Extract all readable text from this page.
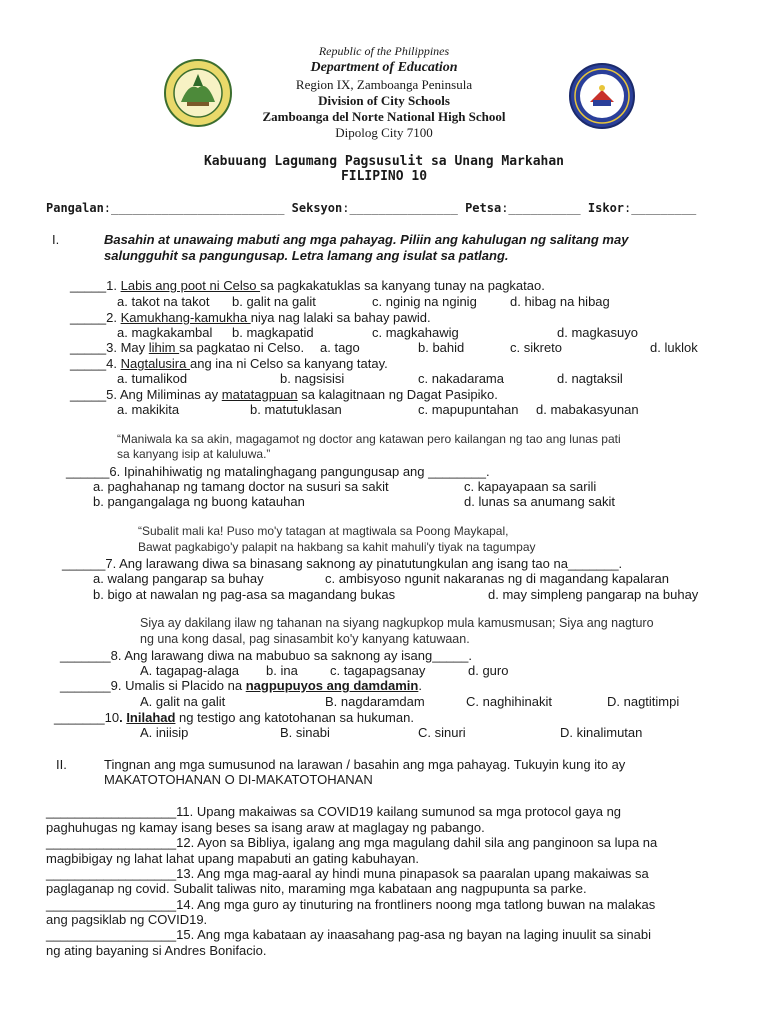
Republic of the Philippines
Department of Education
Region IX, Zamboanga Peninsula
Division of City Schools
Zamboanga del Norte National High School
Dipolog City 7100
Kabuuang Lagumang Pagsusulit sa Unang Markahan
FILIPINO 10
Pangalan:________________________ Seksyon:_______________ Petsa:__________ Iskor:_________
I.	Basahin at unawaing mabuti ang mga pahayag. Piliin ang kahulugan ng salitang may
salungguhit sa pangungusap. Letra lamang ang isulat sa patlang.
_____1. Labis ang poot ni Celso sa pagkakatuklas sa kanyang tunay na pagkatao.
a. takot na takot b. galit na galit	c. nginig na nginig	d. hibag na hibag
_____2. Kamukhang-kamukha niya nag lalaki sa bahay pawid.
a. magkakambal b. magkapatid	c. magkahawig	d. magkasuyo
_____3. May lihim sa pagkatao ni Celso. a. tago	b. bahid	c. sikreto	d. luklok
_____4. Nagtalusira ang ina ni Celso sa kanyang tatay.
a. tumalikod	b. nagsisisi	c. nakadarama	d. nagtaksil
_____5. Ang Miliminas ay matatagpuan sa kalagitnaan ng Dagat Pasipiko.
a. makikita	b. matutuklasan	c. mapupuntahan d. mabakasyunan
“Maniwala ka sa akin, magagamot ng doctor ang katawan pero kailangan ng tao ang lunas pati
sa kanyang isip at kaluluwa.”
______6. Ipinahihiwatig ng matalinghagang pangungusap ang ________.
a. paghahanap ng tamang doctor na susuri sa sakit	c. kapayapaan sa sarili
b. pangangalaga ng buong katauhan	d. lunas sa anumang sakit
“Subalit mali ka! Puso mo'y tatagan at magtiwala sa Poong Maykapal,
Bawat pagkabigo'y palapit na hakbang sa kahit mahuli'y tiyak na tagumpay
______7. Ang larawang diwa sa binasang saknong ay pinatutungkulan ang isang tao na_______.
a. walang pangarap sa buhay	c. ambisyoso ngunit nakaranas ng di magandang kapalaran
b. bigo at nawalan ng pag-asa sa magandang bukas	d. may simpleng pangarap na buhay
Siya ay dakilang ilaw ng tahanan na siyang nagkupkop mula kamusmusan; Siya ang nagturo
ng una kong dasal, pag sinasambit ko'y kanyang katuwaan.
_______8. Ang larawang diwa na mabubuo sa saknong ay isang_____.
A. tagapag-alaga b. ina c. tagapagsanay	d. guro
_______9. Umalis si Placido na nagpupuyos ang damdamin.
A. galit na galit	B. nagdaramdam	C. naghihinakit	D. nagtitimpi
_______10. Inilahad ng testigo ang katotohanan sa hukuman.
A. iniisip	B. sinabi	C. sinuri	D. kinalimutan
II.	Tingnan ang mga sumusunod na larawan / basahin ang mga pahayag. Tukuyin kung ito ay
MAKATOTOHANAN O DI-MAKATOTOHANAN
__________________11. Upang makaiwas sa COVID19 kailang sumunod sa mga protocol gaya ng
paghuhugas ng kamay isang beses sa isang araw at maglagay ng pabango.
__________________12. Ayon sa Bibliya, igalang ang mga magulang dahil sila ang panginoon sa lupa na
magbibigay ng lahat lahat upang mapabuti an gating kabuhayan.
__________________13. Ang mga mag-aaral ay hindi muna pinapasok sa paaralan upang makaiwas sa
paglaganap ng covid. Subalit taliwas nito, maraming mga kabataan ang nagpupunta sa parke.
__________________14. Ang mga guro ay tinuturing na frontliners noong mga tatlong buwan na malakas
ang pagsiklab ng COVID19.
__________________15. Ang mga kabataan ay inaasahang pag-asa ng bayan na laging inuulit sa sinabi
ng ating bayaning si Andres Bonifacio.
